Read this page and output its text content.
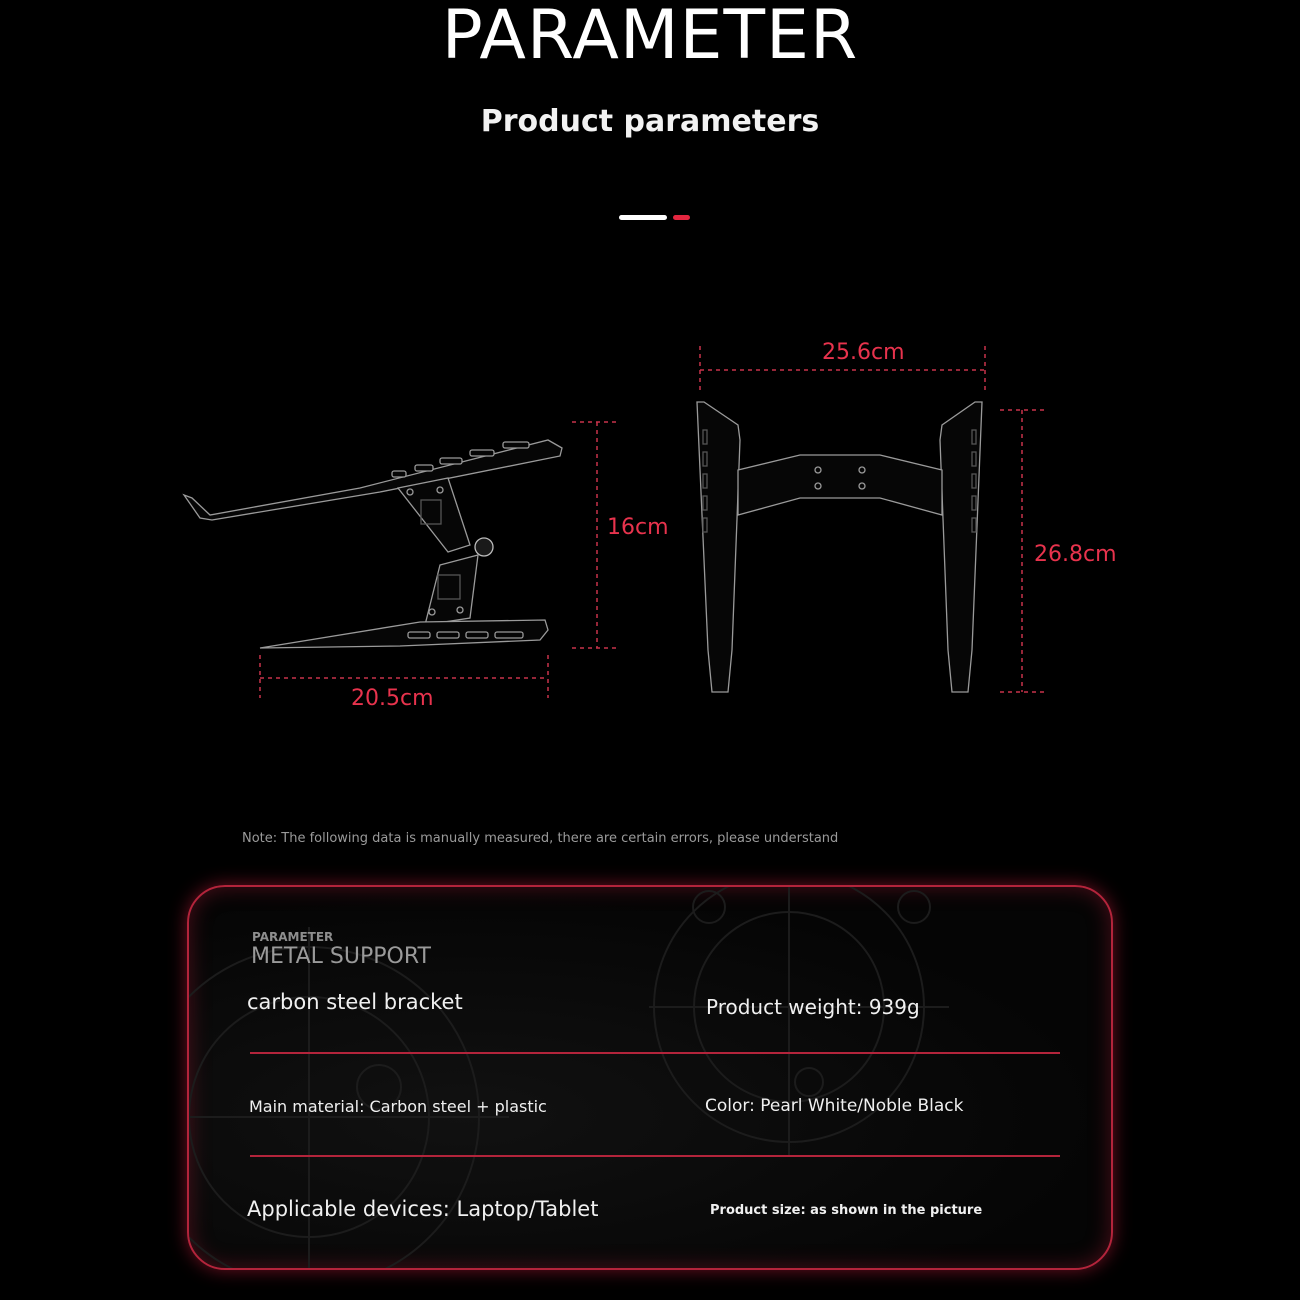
PARAMETER
Product parameters
16cm
20.5cm
25.6cm
26.8cm
Note: The following data is manually measured, there are certain errors, please understand
PARAMETER
METAL SUPPORT
carbon steel bracket	Product weight: 939g
Main material: Carbon steel + plastic	Color: Pearl White/Noble Black
Applicable devices: Laptop/Tablet	Product size: as shown in the picture
